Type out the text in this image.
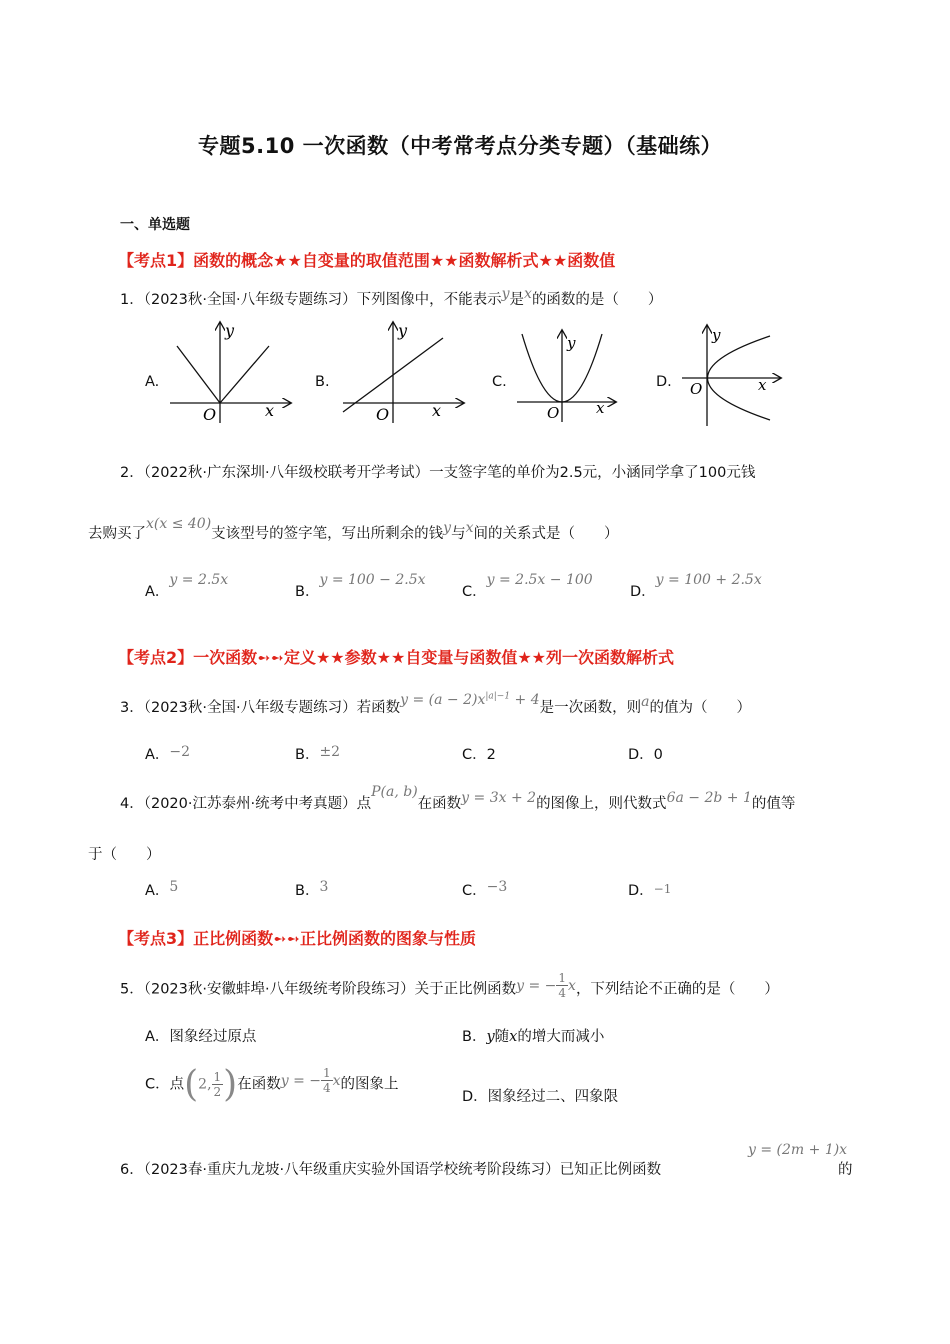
专题5.10 一次函数（中考常考点分类专题）（基础练）
一、单选题
【考点1】函数的概念★★自变量的取值范围★★函数解析式★★函数值
1．（2023秋·全国·八年级专题练习）下列图像中，不能表示$^y$是$^x$的函数的是（　　）
A.	B.	C.	D.
y
x
O
y
x
O
y
x
O
y
x
O
2．（2022秋·广东深圳·八年级校联考开学考试）一支签字笔的单价为2.5元，小涵同学拿了100元钱
去购买了x(x ≤ 40)支该型号的签字笔，写出所剩余的钱$^y$与$^x$间的关系式是（　　）
A．y = 2.5x
B．y = 100 − 2.5x
C．y = 2.5x − 100
D．y = 100 + 2.5x
【考点2】一次函数➻➻定义★★参数★★自变量与函数值★★列一次函数解析式
3．（2023秋·全国·八年级专题练习）若函数$y = (a - 2)x^{|a|-1} + 4$是一次函数，则$^a$的值为（　　）
A．−2	B．±2	C．2	D．0
4．（2020·江苏泰州·统考中考真题）点P(a, b)在函数y = 3x + 2的图像上，则代数式6a − 2b + 1的值等
于（　　）
A．5	B．3	C．−3	D．−1
【考点3】正比例函数➻➻正比例函数的图象与性质
5．（2023秋·安徽蚌埠·八年级统考阶段练习）关于正比例函数y = − $\frac{1}{4}$ x，下列结论不正确的是（　　）
A．图象经过原点	B．y随x的增大而减小
C．点(2, $\frac{1}{2}$ )在函数y = − $\frac{1}{4}$ x的图象上
D．图象经过二、四象限
y = (2m + 1)x
6．（2023春·重庆九龙坡·八年级重庆实验外国语学校统考阶段练习）已知正比例函数	的
